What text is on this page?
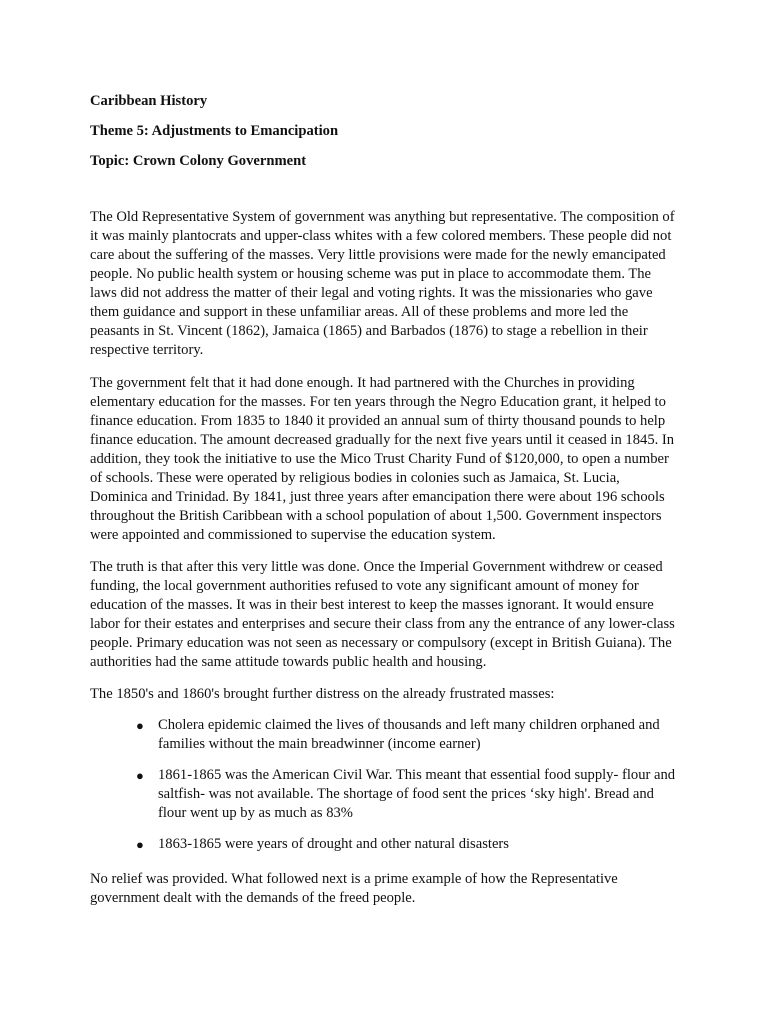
Caribbean History
Theme 5: Adjustments to Emancipation
Topic: Crown Colony Government

The Old Representative System of government was anything but representative. The composition of it was mainly plantocrats and upper-class whites with a few colored members. These people did not care about the suffering of the masses. Very little provisions were made for the newly emancipated people. No public health system or housing scheme was put in place to accommodate them. The laws did not address the matter of their legal and voting rights. It was the missionaries who gave them guidance and support in these unfamiliar areas. All of these problems and more led the peasants in St. Vincent (1862), Jamaica (1865) and Barbados (1876) to stage a rebellion in their respective territory.

The government felt that it had done enough. It had partnered with the Churches in providing elementary education for the masses. For ten years through the Negro Education grant, it helped to finance education. From 1835 to 1840 it provided an annual sum of thirty thousand pounds to help finance education. The amount decreased gradually for the next five years until it ceased in 1845. In addition, they took the initiative to use the Mico Trust Charity Fund of $120,000, to open a number of schools. These were operated by religious bodies in colonies such as Jamaica, St. Lucia, Dominica and Trinidad. By 1841, just three years after emancipation there were about 196 schools throughout the British Caribbean with a school population of about 1,500. Government inspectors were appointed and commissioned to supervise the education system.

The truth is that after this very little was done. Once the Imperial Government withdrew or ceased funding, the local government authorities refused to vote any significant amount of money for education of the masses. It was in their best interest to keep the masses ignorant. It would ensure labor for their estates and enterprises and secure their class from any the entrance of any lower-class people. Primary education was not seen as necessary or compulsory (except in British Guiana). The authorities had the same attitude towards public health and housing.

The 1850's and 1860's brought further distress on the already frustrated masses:

● Cholera epidemic claimed the lives of thousands and left many children orphaned and families without the main breadwinner (income earner)
● 1861-1865 was the American Civil War. This meant that essential food supply- flour and saltfish- was not available. The shortage of food sent the prices ‘sky high'. Bread and flour went up by as much as 83%
● 1863-1865 were years of drought and other natural disasters

No relief was provided. What followed next is a prime example of how the Representative government dealt with the demands of the freed people.
